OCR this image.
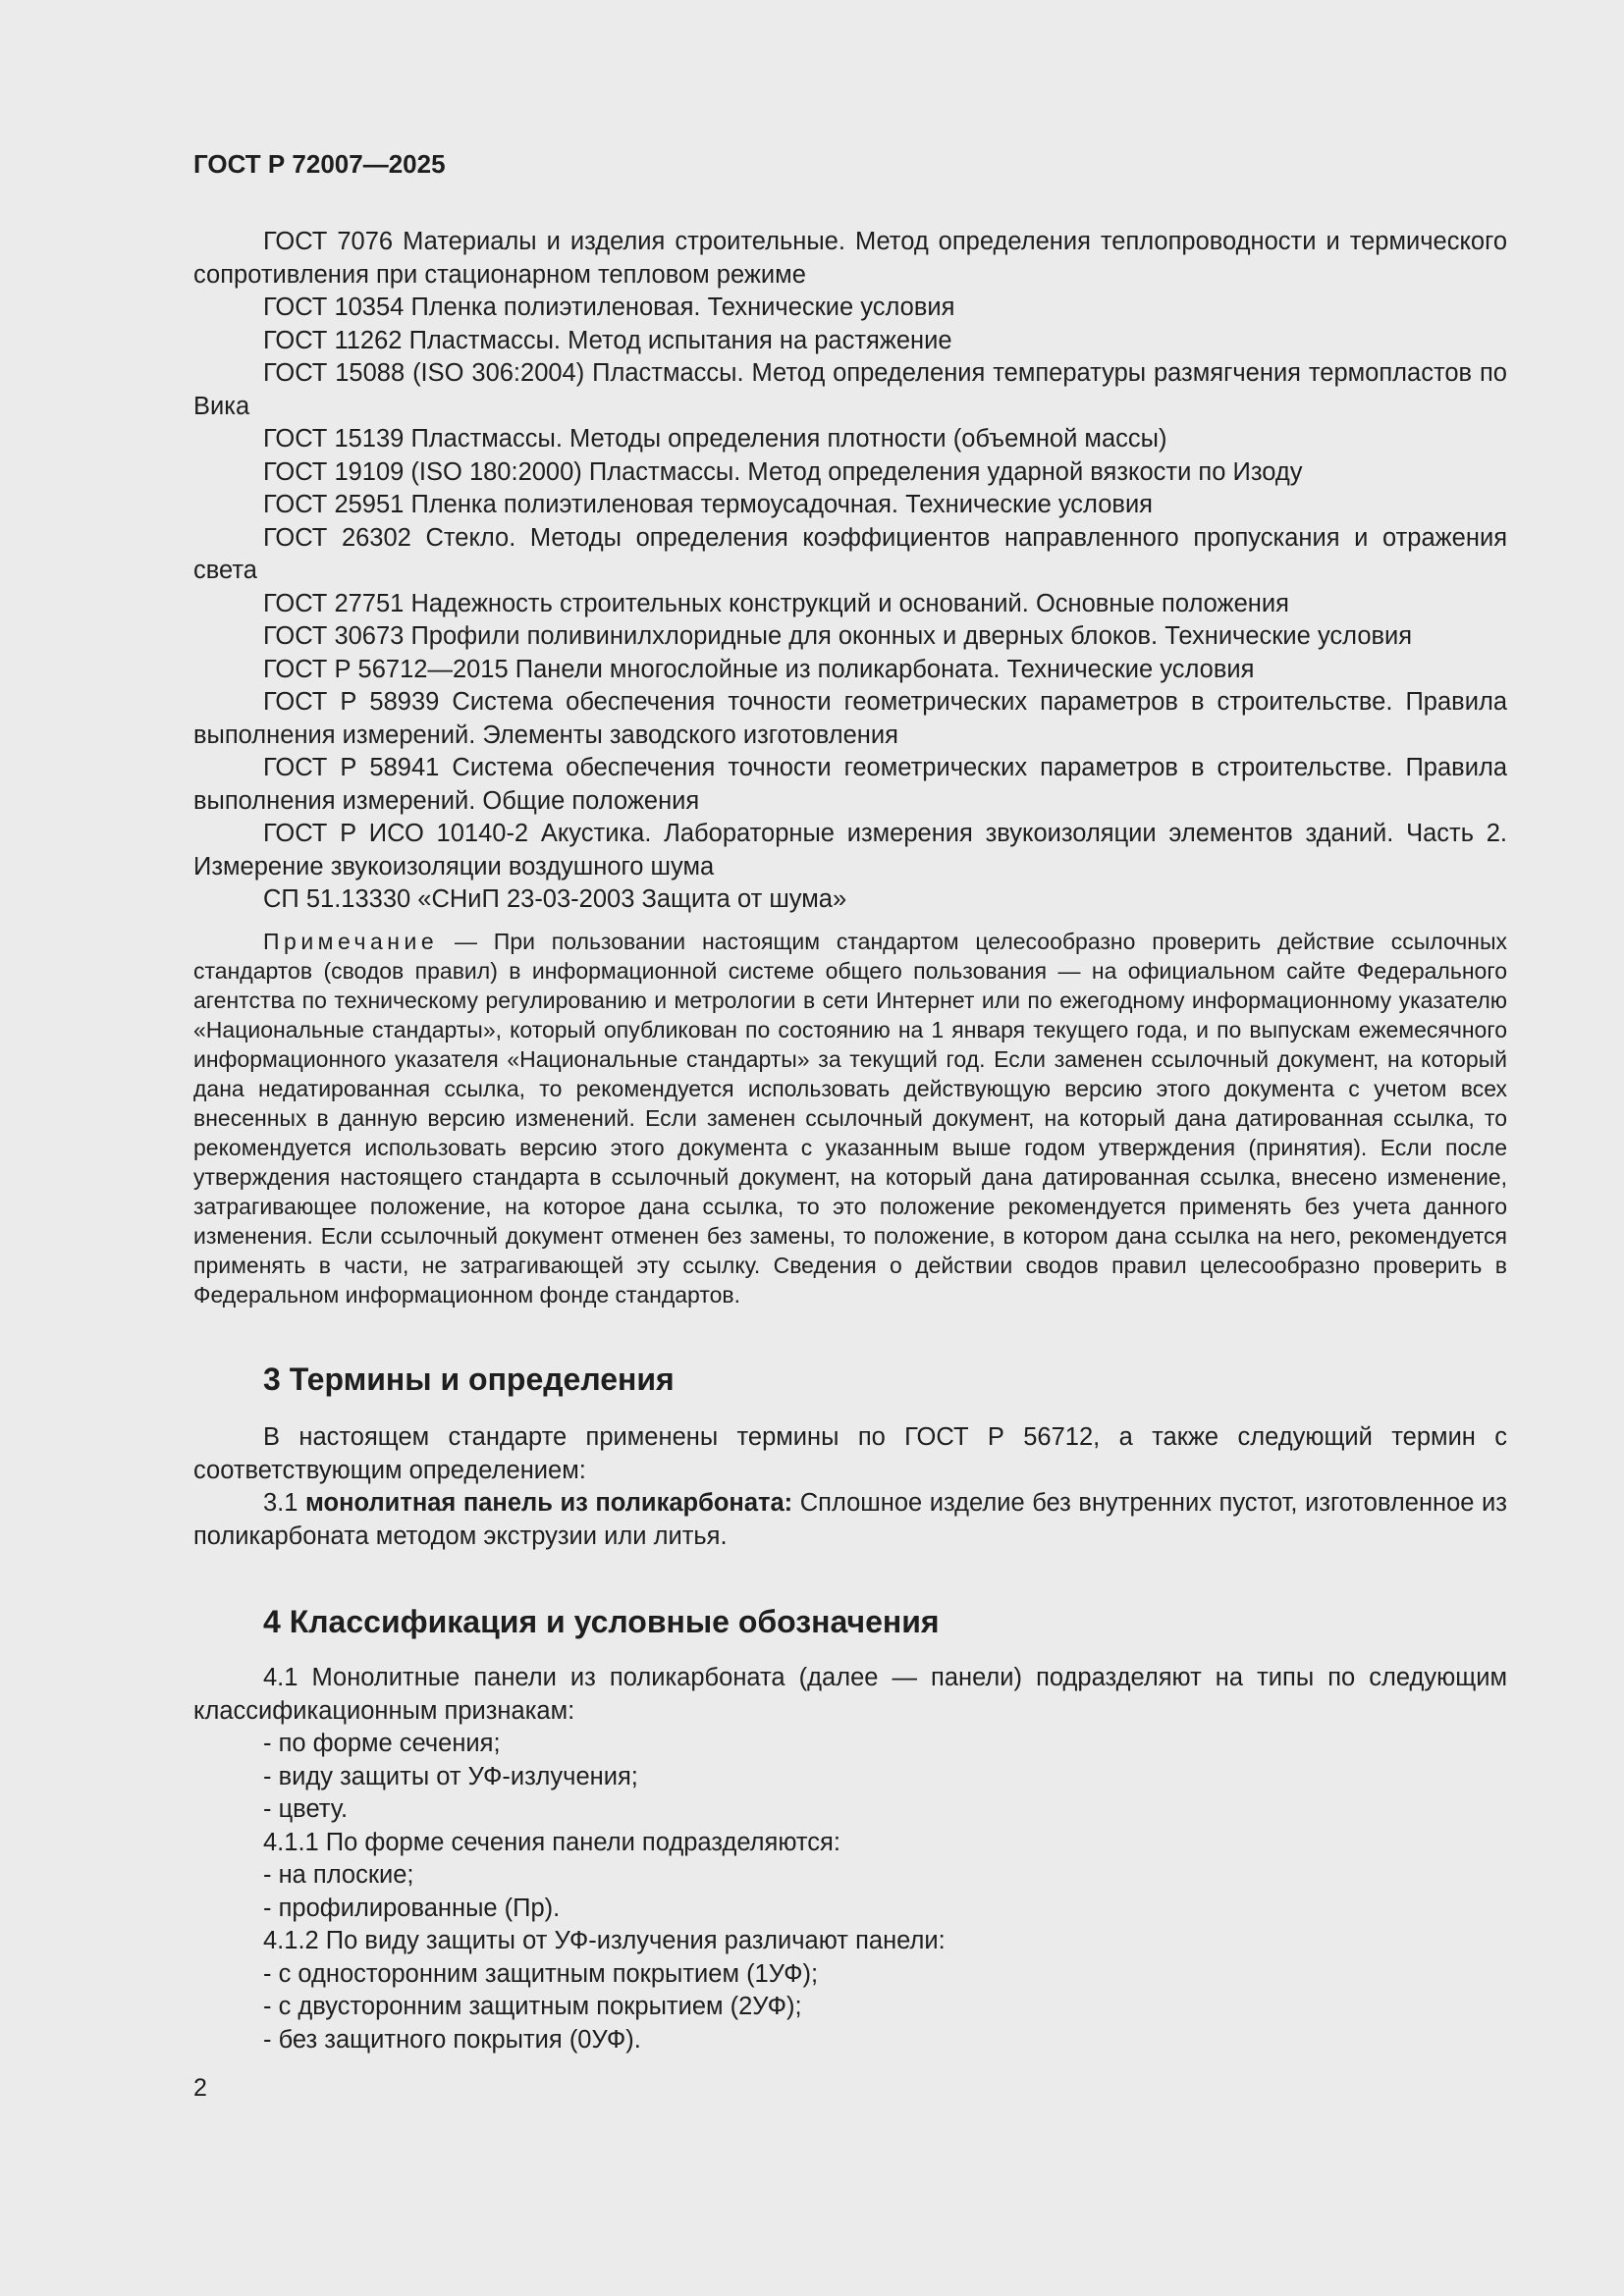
ГОСТ Р 72007—2025

ГОСТ 7076 Материалы и изделия строительные. Метод определения теплопроводности и термического сопротивления при стационарном тепловом режиме

ГОСТ 10354 Пленка полиэтиленовая. Технические условия

ГОСТ 11262 Пластмассы. Метод испытания на растяжение

ГОСТ 15088 (ISO 306:2004) Пластмассы. Метод определения температуры размягчения термопластов по Вика

ГОСТ 15139 Пластмассы. Методы определения плотности (объемной массы)

ГОСТ 19109 (ISO 180:2000) Пластмассы. Метод определения ударной вязкости по Изоду

ГОСТ 25951 Пленка полиэтиленовая термоусадочная. Технические условия

ГОСТ 26302 Стекло. Методы определения коэффициентов направленного пропускания и отражения света

ГОСТ 27751 Надежность строительных конструкций и оснований. Основные положения

ГОСТ 30673 Профили поливинилхлоридные для оконных и дверных блоков. Технические условия

ГОСТ Р 56712—2015 Панели многослойные из поликарбоната. Технические условия

ГОСТ Р 58939 Система обеспечения точности геометрических параметров в строительстве. Правила выполнения измерений. Элементы заводского изготовления

ГОСТ Р 58941 Система обеспечения точности геометрических параметров в строительстве. Правила выполнения измерений. Общие положения

ГОСТ Р ИСО 10140-2 Акустика. Лабораторные измерения звукоизоляции элементов зданий. Часть 2. Измерение звукоизоляции воздушного шума

СП 51.13330 «СНиП 23-03-2003 Защита от шума»

Примечание — При пользовании настоящим стандартом целесообразно проверить действие ссылочных стандартов (сводов правил) в информационной системе общего пользования — на официальном сайте Федерального агентства по техническому регулированию и метрологии в сети Интернет или по ежегодному информационному указателю «Национальные стандарты», который опубликован по состоянию на 1 января текущего года, и по выпускам ежемесячного информационного указателя «Национальные стандарты» за текущий год. Если заменен ссылочный документ, на который дана недатированная ссылка, то рекомендуется использовать действующую версию этого документа с учетом всех внесенных в данную версию изменений. Если заменен ссылочный документ, на который дана датированная ссылка, то рекомендуется использовать версию этого документа с указанным выше годом утверждения (принятия). Если после утверждения настоящего стандарта в ссылочный документ, на который дана датированная ссылка, внесено изменение, затрагивающее положение, на которое дана ссылка, то это положение рекомендуется применять без учета данного изменения. Если ссылочный документ отменен без замены, то положение, в котором дана ссылка на него, рекомендуется применять в части, не затрагивающей эту ссылку. Сведения о действии сводов правил целесообразно проверить в Федеральном информационном фонде стандартов.

3 Термины и определения

В настоящем стандарте применены термины по ГОСТ Р 56712, а также следующий термин с соответствующим определением:

3.1 монолитная панель из поликарбоната: Сплошное изделие без внутренних пустот, изготовленное из поликарбоната методом экструзии или литья.

4 Классификация и условные обозначения

4.1 Монолитные панели из поликарбоната (далее — панели) подразделяют на типы по следующим классификационным признакам:

- по форме сечения;

- виду защиты от УФ-излучения;

- цвету.

4.1.1 По форме сечения панели подразделяются:

- на плоские;

- профилированные (Пр).

4.1.2 По виду защиты от УФ-излучения различают панели:

- с односторонним защитным покрытием (1УФ);

- с двусторонним защитным покрытием (2УФ);

- без защитного покрытия (0УФ).

2
